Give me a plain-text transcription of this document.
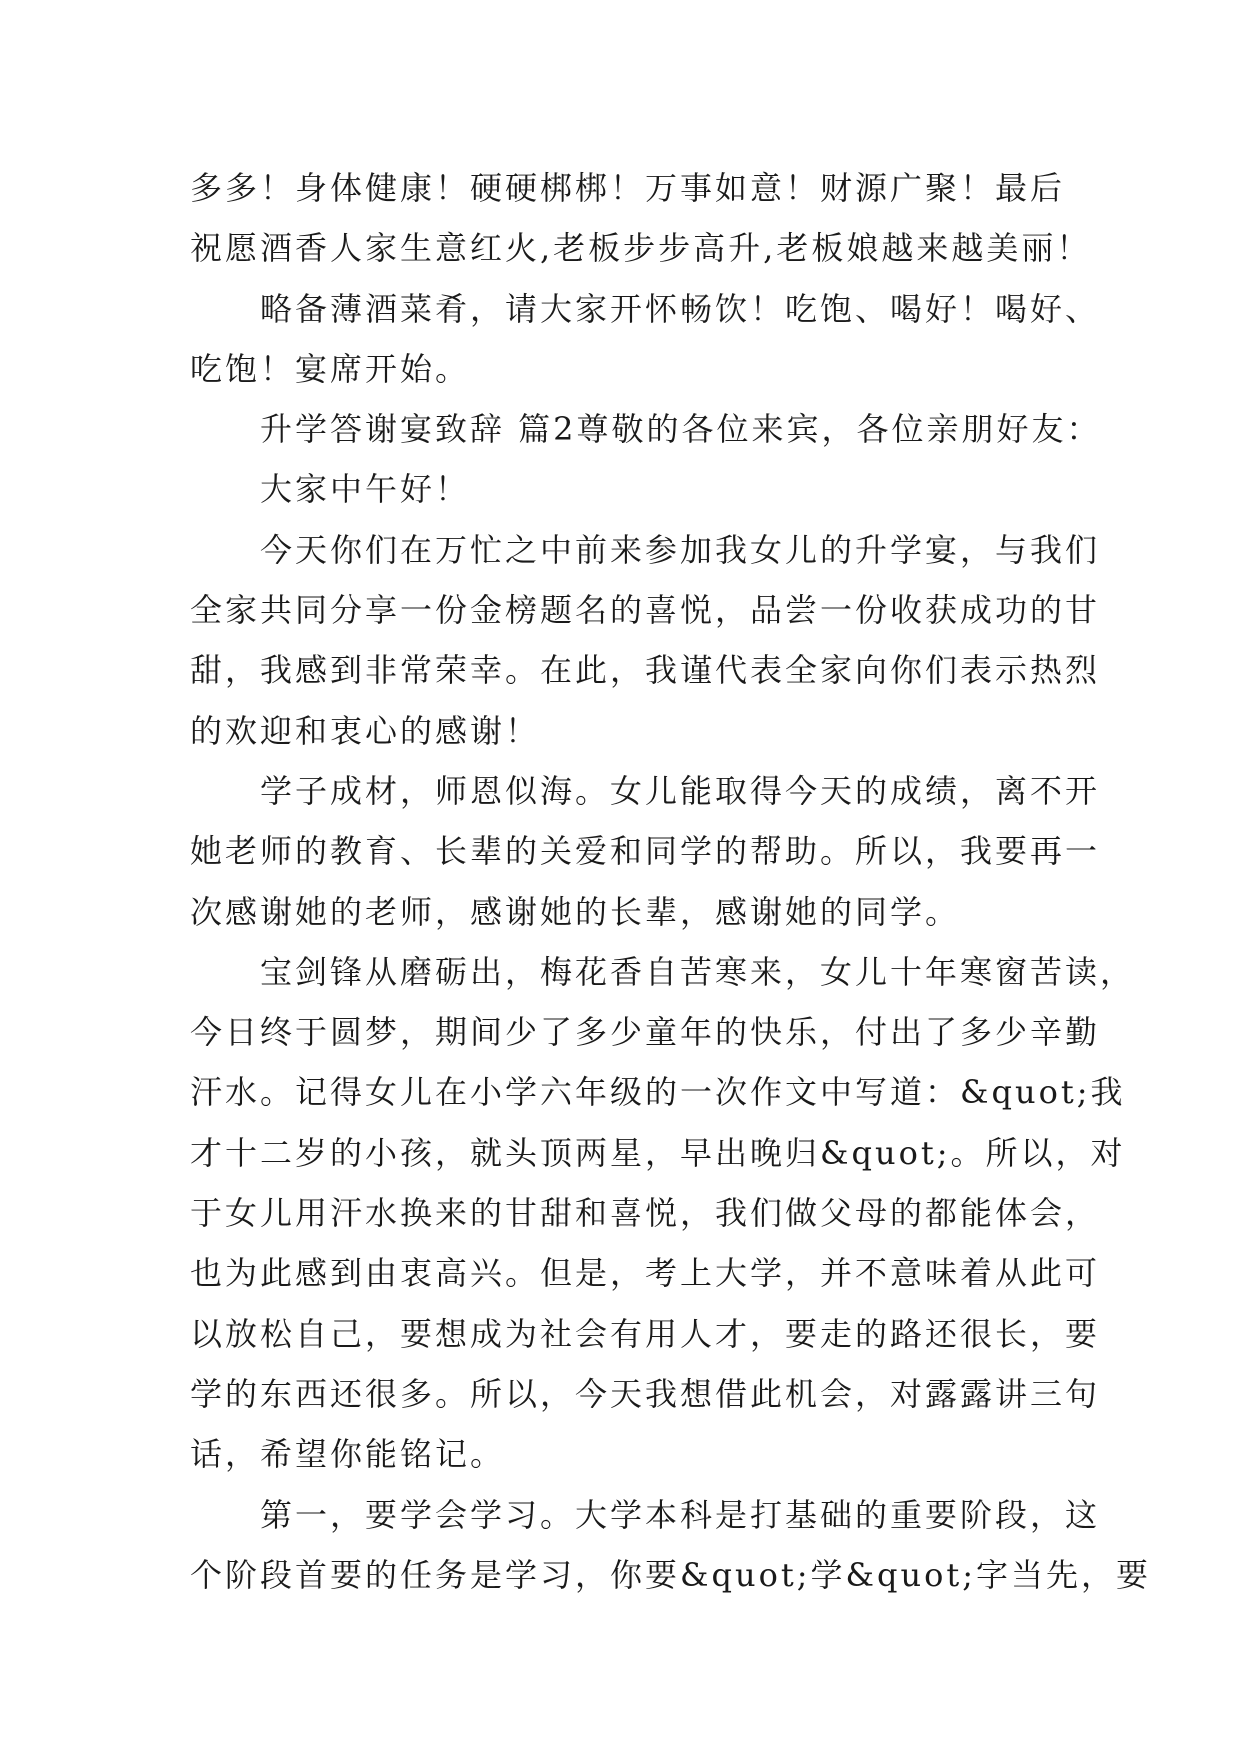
多多！身体健康！硬硬梆梆！万事如意！财源广聚！最后
祝愿酒香人家生意红火,老板步步高升,老板娘越来越美丽！
略备薄酒菜肴，请大家开怀畅饮！吃饱、喝好！喝好、
吃饱！宴席开始。
升学答谢宴致辞 篇2尊敬的各位来宾，各位亲朋好友：
大家中午好！
今天你们在万忙之中前来参加我女儿的升学宴，与我们
全家共同分享一份金榜题名的喜悦，品尝一份收获成功的甘
甜，我感到非常荣幸。在此，我谨代表全家向你们表示热烈
的欢迎和衷心的感谢！
学子成材，师恩似海。女儿能取得今天的成绩，离不开
她老师的教育、长辈的关爱和同学的帮助。所以，我要再一
次感谢她的老师，感谢她的长辈，感谢她的同学。
宝剑锋从磨砺出，梅花香自苦寒来，女儿十年寒窗苦读，
今日终于圆梦，期间少了多少童年的快乐，付出了多少辛勤
汗水。记得女儿在小学六年级的一次作文中写道：&quot;我
才十二岁的小孩，就头顶两星，早出晚归&quot;。所以，对
于女儿用汗水换来的甘甜和喜悦，我们做父母的都能体会，
也为此感到由衷高兴。但是，考上大学，并不意味着从此可
以放松自己，要想成为社会有用人才，要走的路还很长，要
学的东西还很多。所以，今天我想借此机会，对露露讲三句
话，希望你能铭记。
第一，要学会学习。大学本科是打基础的重要阶段，这
个阶段首要的任务是学习，你要&quot;学&quot;字当先，要
